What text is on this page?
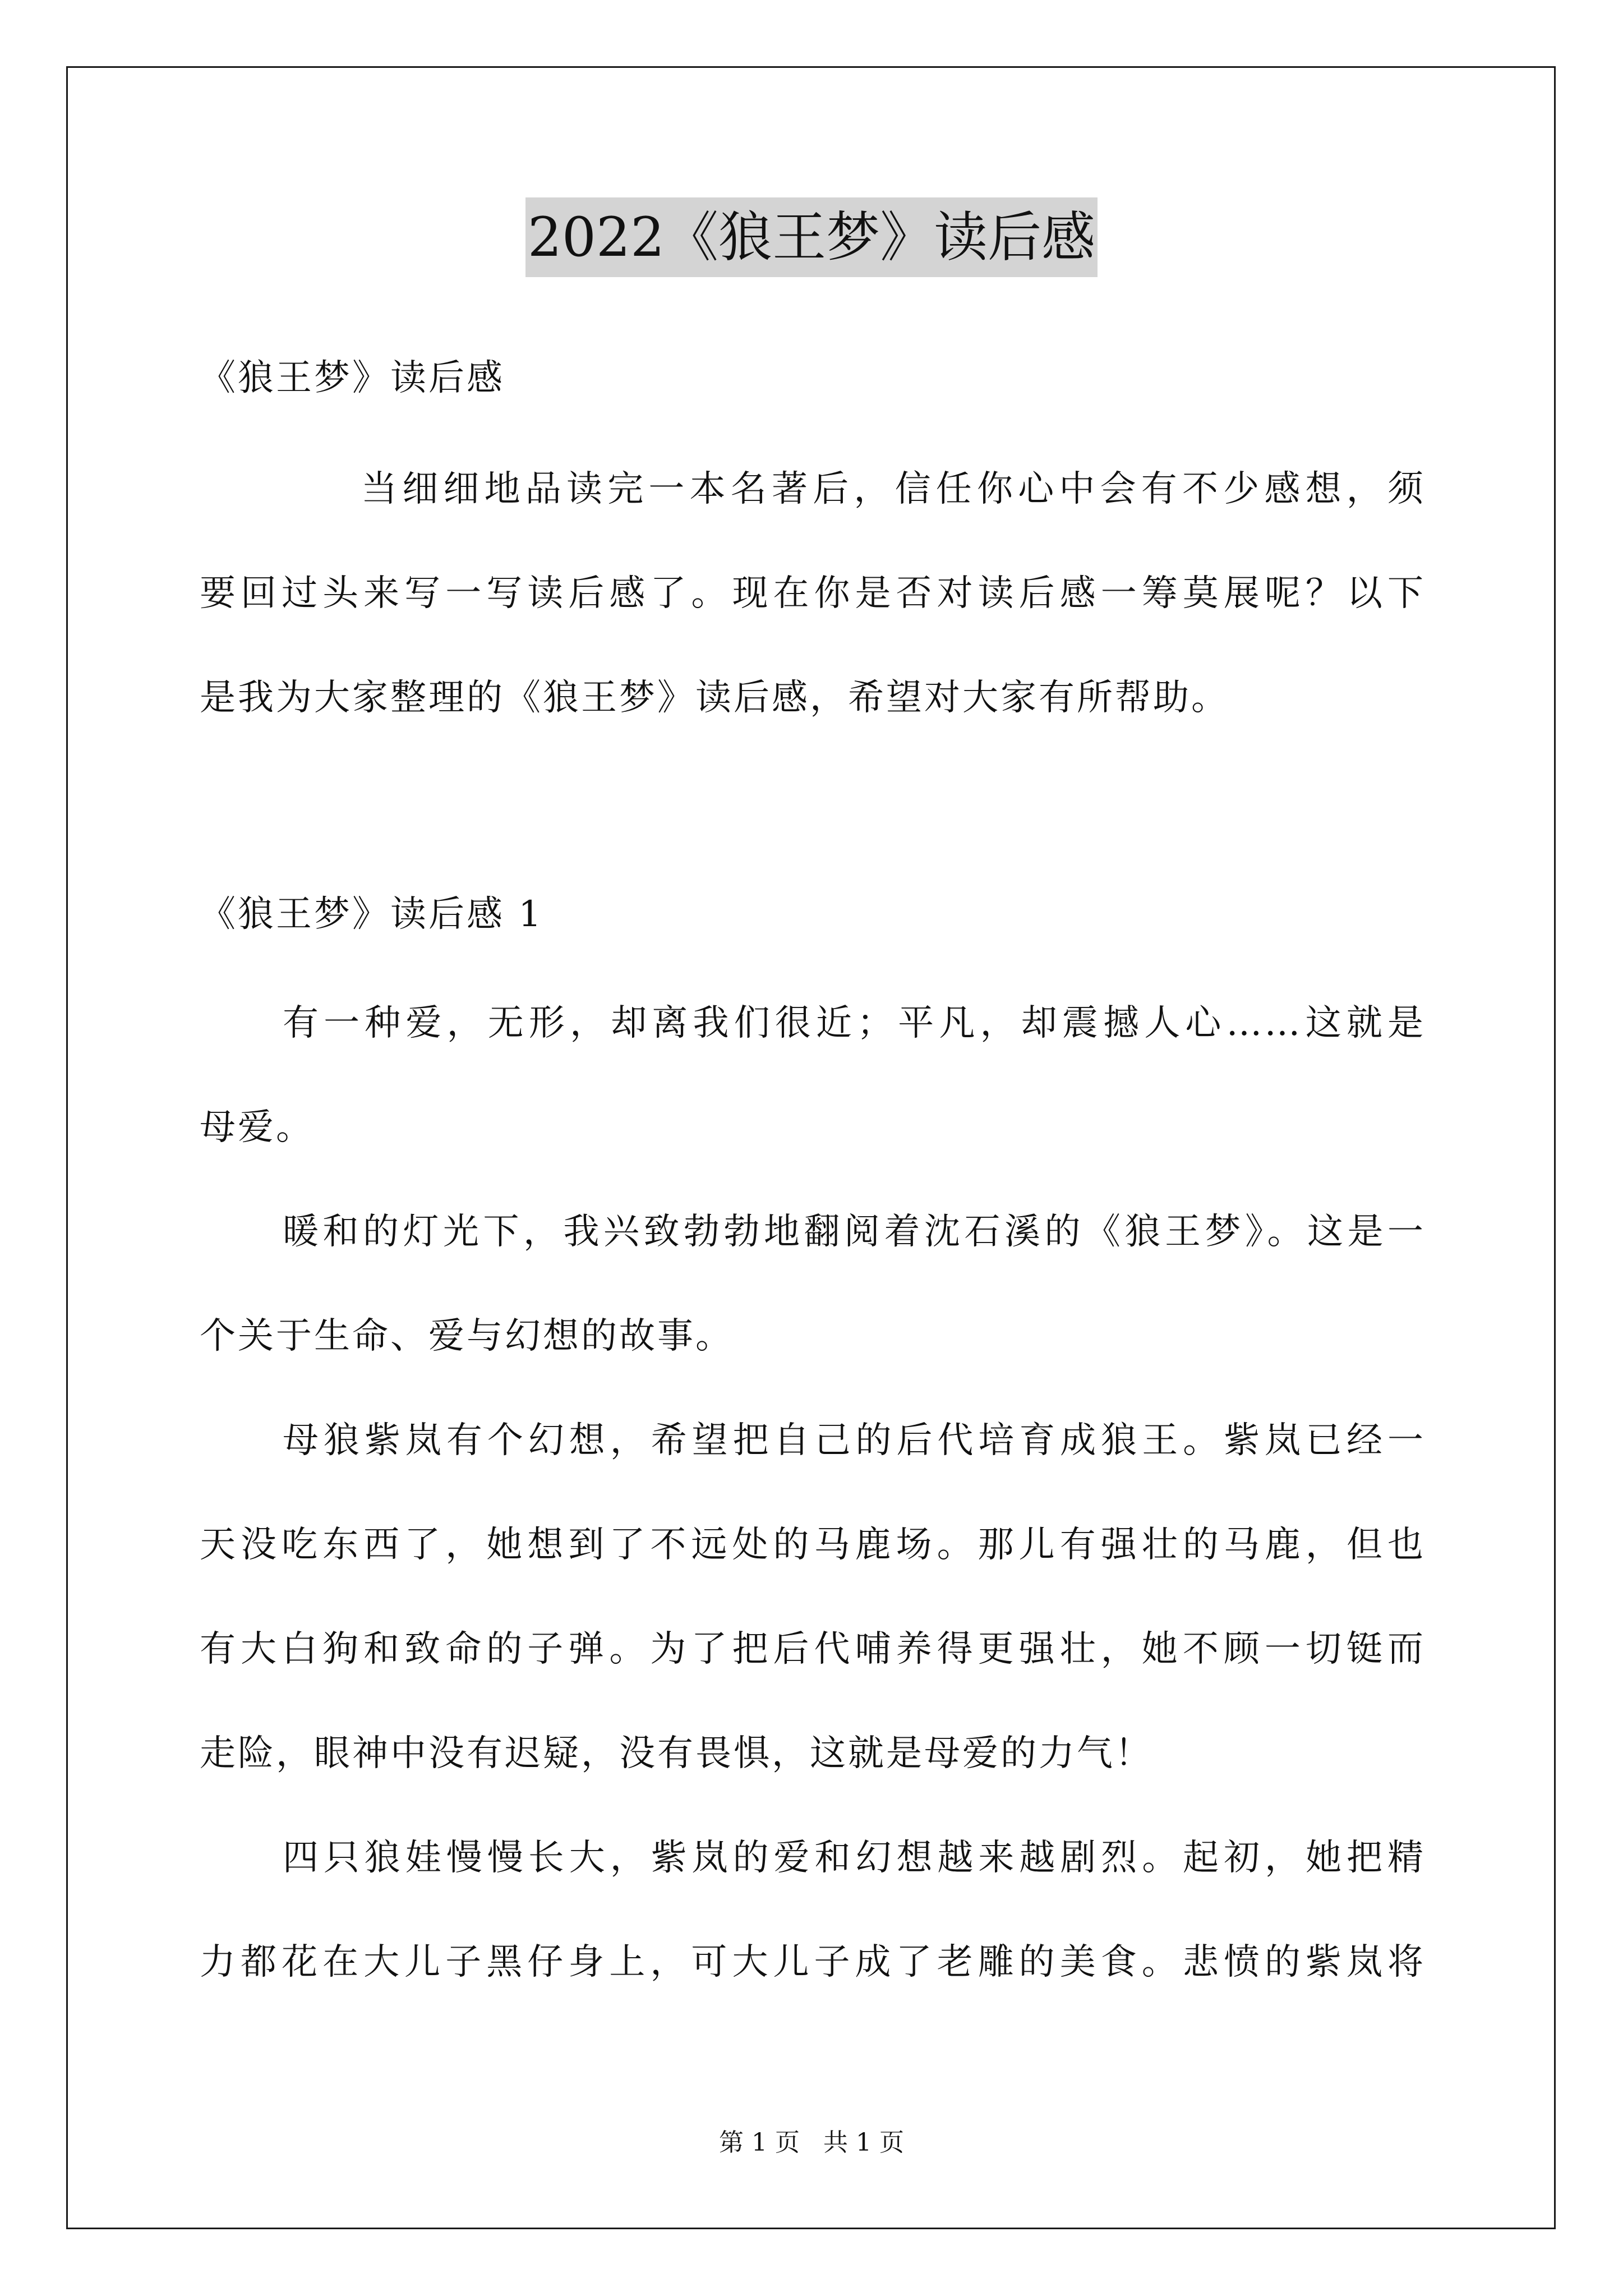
2022《狼王梦》读后感
《狼王梦》读后感
当细细地品读完一本名著后，信任你心中会有不少感想，须
要回过头来写一写读后感了。现在你是否对读后感一筹莫展呢？以下
是我为大家整理的《狼王梦》读后感，希望对大家有所帮助。
《狼王梦》读后感 1
有一种爱，无形，却离我们很近；平凡，却震撼人心……这就是
母爱。
暖和的灯光下，我兴致勃勃地翻阅着沈石溪的《狼王梦》。这是一
个关于生命、爱与幻想的故事。
母狼紫岚有个幻想，希望把自己的后代培育成狼王。紫岚已经一
天没吃东西了，她想到了不远处的马鹿场。那儿有强壮的马鹿，但也
有大白狗和致命的子弹。为了把后代哺养得更强壮，她不顾一切铤而
走险，眼神中没有迟疑，没有畏惧，这就是母爱的力气！
四只狼娃慢慢长大，紫岚的爱和幻想越来越剧烈。起初，她把精
力都花在大儿子黑仔身上，可大儿子成了老雕的美食。悲愤的紫岚将
第 1 页 共 1 页
